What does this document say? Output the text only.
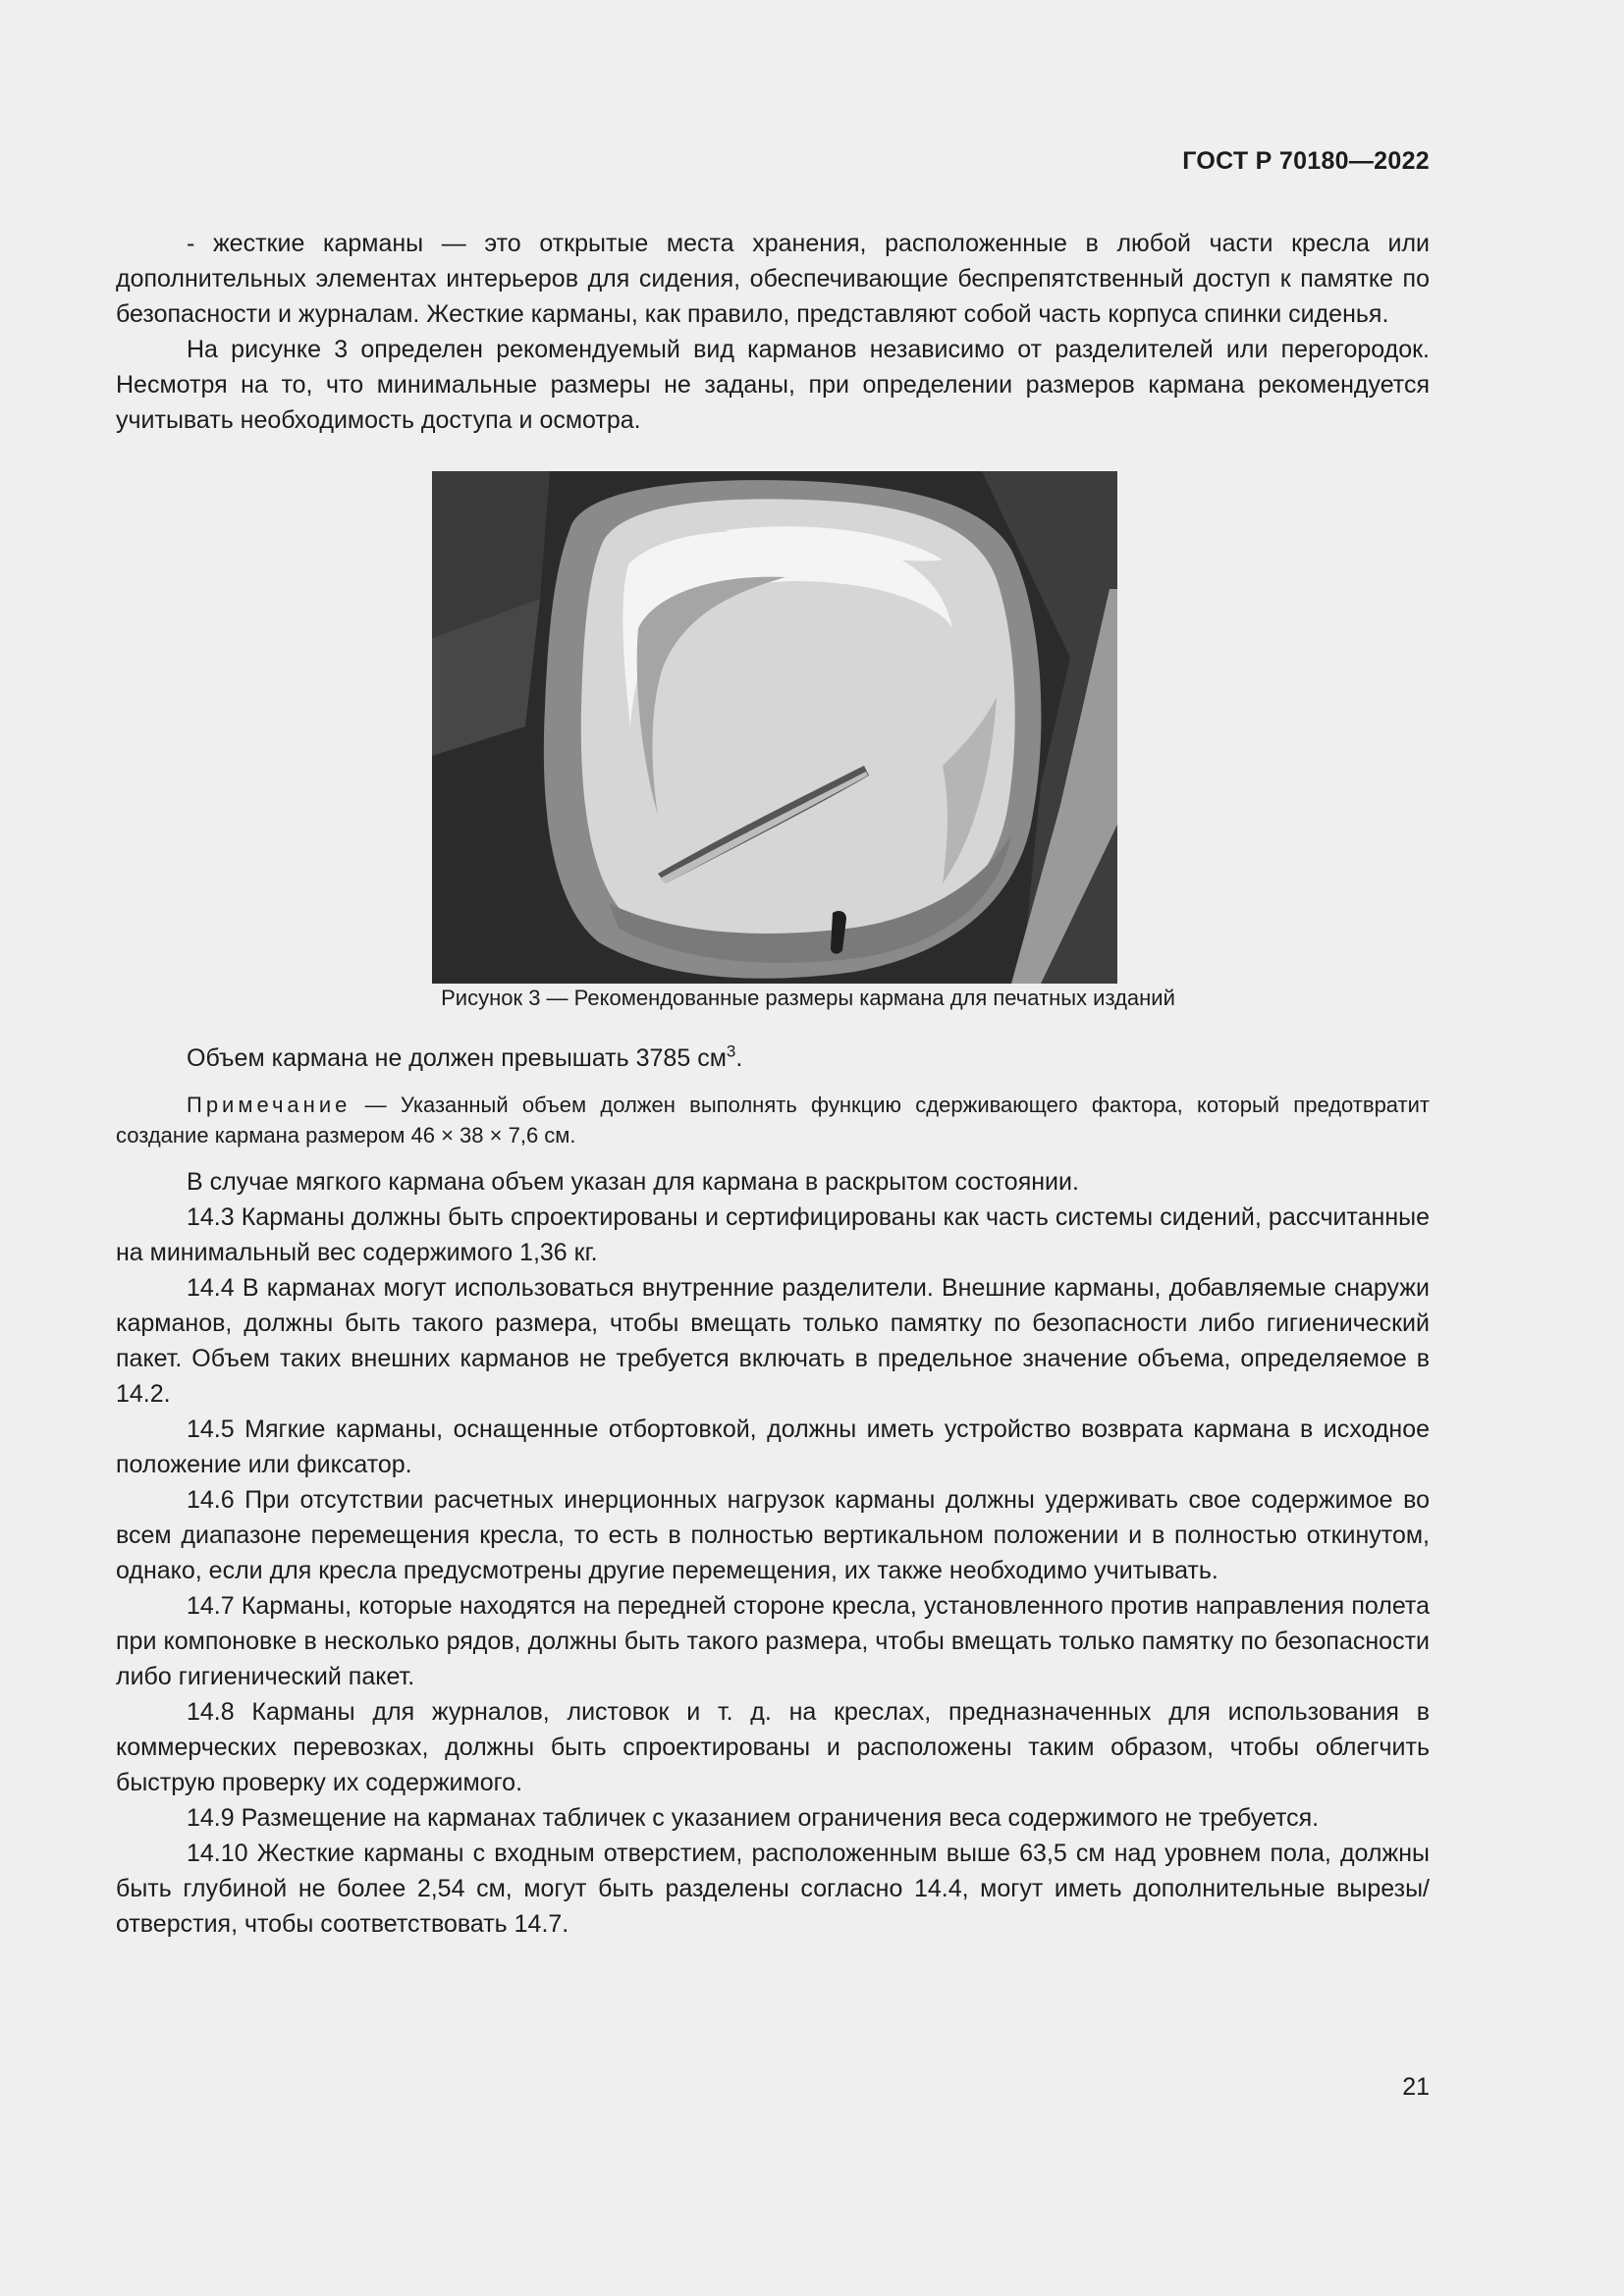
ГОСТ Р 70180—2022

- жесткие карманы — это открытые места хранения, расположенные в любой части кресла или дополнительных элементах интерьеров для сидения, обеспечивающие беспрепятственный доступ к памятке по безопасности и журналам. Жесткие карманы, как правило, представляют собой часть корпуса спинки сиденья.

На рисунке 3 определен рекомендуемый вид карманов независимо от разделителей или перегородок. Несмотря на то, что минимальные размеры не заданы, при определении размеров кармана рекомендуется учитывать необходимость доступа и осмотра.

Рисунок 3 — Рекомендованные размеры кармана для печатных изданий

Объем кармана не должен превышать 3785 $см^3$.

Примечание — Указанный объем должен выполнять функцию сдерживающего фактора, который предотвратит создание кармана размером 46 × 38 × 7,6 см.

В случае мягкого кармана объем указан для кармана в раскрытом состоянии.

14.3 Карманы должны быть спроектированы и сертифицированы как часть системы сидений, рассчитанные на минимальный вес содержимого 1,36 кг.

14.4 В карманах могут использоваться внутренние разделители. Внешние карманы, добавляемые снаружи карманов, должны быть такого размера, чтобы вмещать только памятку по безопасности либо гигиенический пакет. Объем таких внешних карманов не требуется включать в предельное значение объема, определяемое в 14.2.

14.5 Мягкие карманы, оснащенные отбортовкой, должны иметь устройство возврата кармана в исходное положение или фиксатор.

14.6 При отсутствии расчетных инерционных нагрузок карманы должны удерживать свое содержимое во всем диапазоне перемещения кресла, то есть в полностью вертикальном положении и в полностью откинутом, однако, если для кресла предусмотрены другие перемещения, их также необходимо учитывать.

14.7 Карманы, которые находятся на передней стороне кресла, установленного против направления полета при компоновке в несколько рядов, должны быть такого размера, чтобы вмещать только памятку по безопасности либо гигиенический пакет.

14.8 Карманы для журналов, листовок и т. д. на креслах, предназначенных для использования в коммерческих перевозках, должны быть спроектированы и расположены таким образом, чтобы облегчить быструю проверку их содержимого.

14.9 Размещение на карманах табличек с указанием ограничения веса содержимого не требуется.

14.10 Жесткие карманы с входным отверстием, расположенным выше 63,5 см над уровнем пола, должны быть глубиной не более 2,54 см, могут быть разделены согласно 14.4, могут иметь дополнительные вырезы/отверстия, чтобы соответствовать 14.7.

21
